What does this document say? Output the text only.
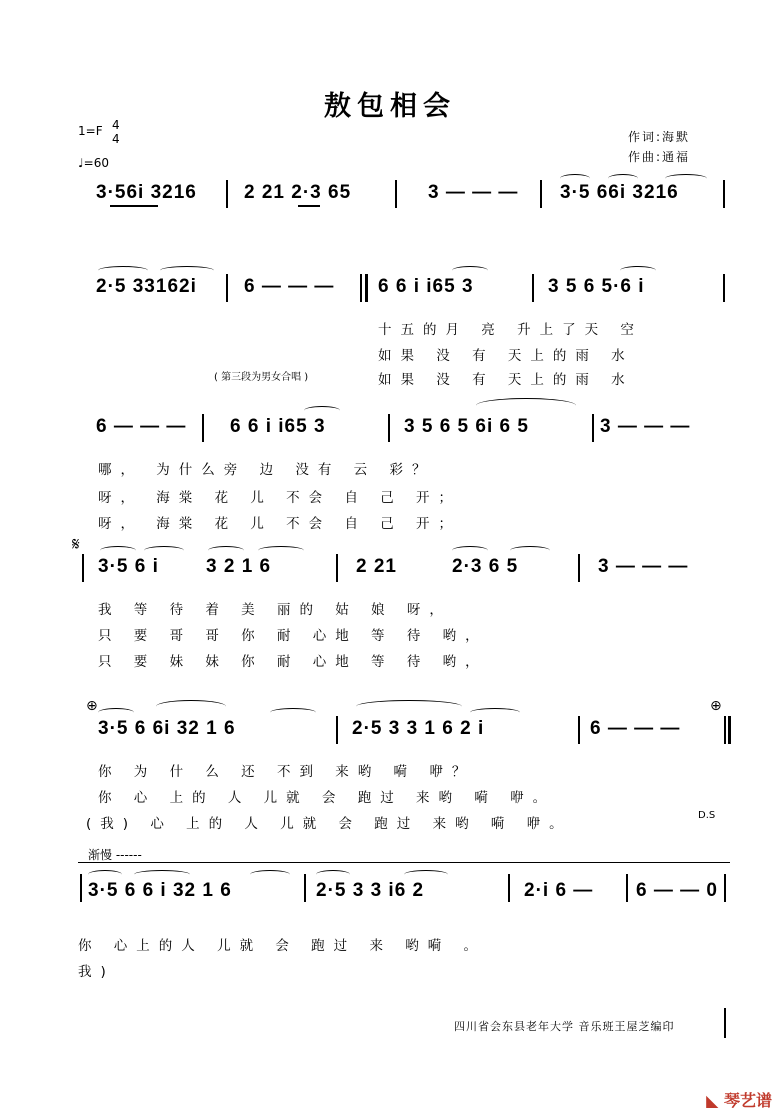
敖包相会
1=F 4
4
♩=60
作词:海默
作曲:通福
3·56i 3216 2 21 2·3 65	3 — — — 3·5 66i 3216
2·5 33162i 6 — — — 6 6 i i65 3	3 5 6 5·6 i
十五的月 亮 升上了天 空
如果 没 有 天上的雨 水
( 第三段为男女合唱 )	如果 没 有 天上的雨 水
6 — — — 6 6 i i65 3	3 5 6 5 6i 6 5	3 — — —
哪， 为什么旁 边 没有 云 彩？
呀， 海棠 花 儿 不会 自 己 开；
呀， 海棠 花 儿 不会 自 己 开；
𝄋
3·5 6 i 3 2 1 6	2 21	2·3 6 5	3 — — —
我 等 待 着 美 丽的 姑 娘 呀，
只 要 哥 哥 你 耐 心地 等 待 哟，
只 要 妹 妹 你 耐 心地 等 待 哟，
⊕	⊕
3·5 6 6i 32 1 6	2·5 3 3 1 6 2 i	6 — — —
你 为 什 么 还 不到 来哟 嗬 咿？
你 心 上的 人 儿就 会 跑过 来哟 嗬 咿。
(我) 心 上的 人 儿就 会 跑过 来哟 嗬 咿。
D.S
渐慢 ------
3·5 6 6 i 32 1 6	2·5 3 3 i6 2	2·i 6 — 6 — — 0
你 心上的人 儿就 会 跑过 来 哟嗬 。
我)
四川省会东县老年大学 音乐班王屋芝编印
◣ 琴艺谱
